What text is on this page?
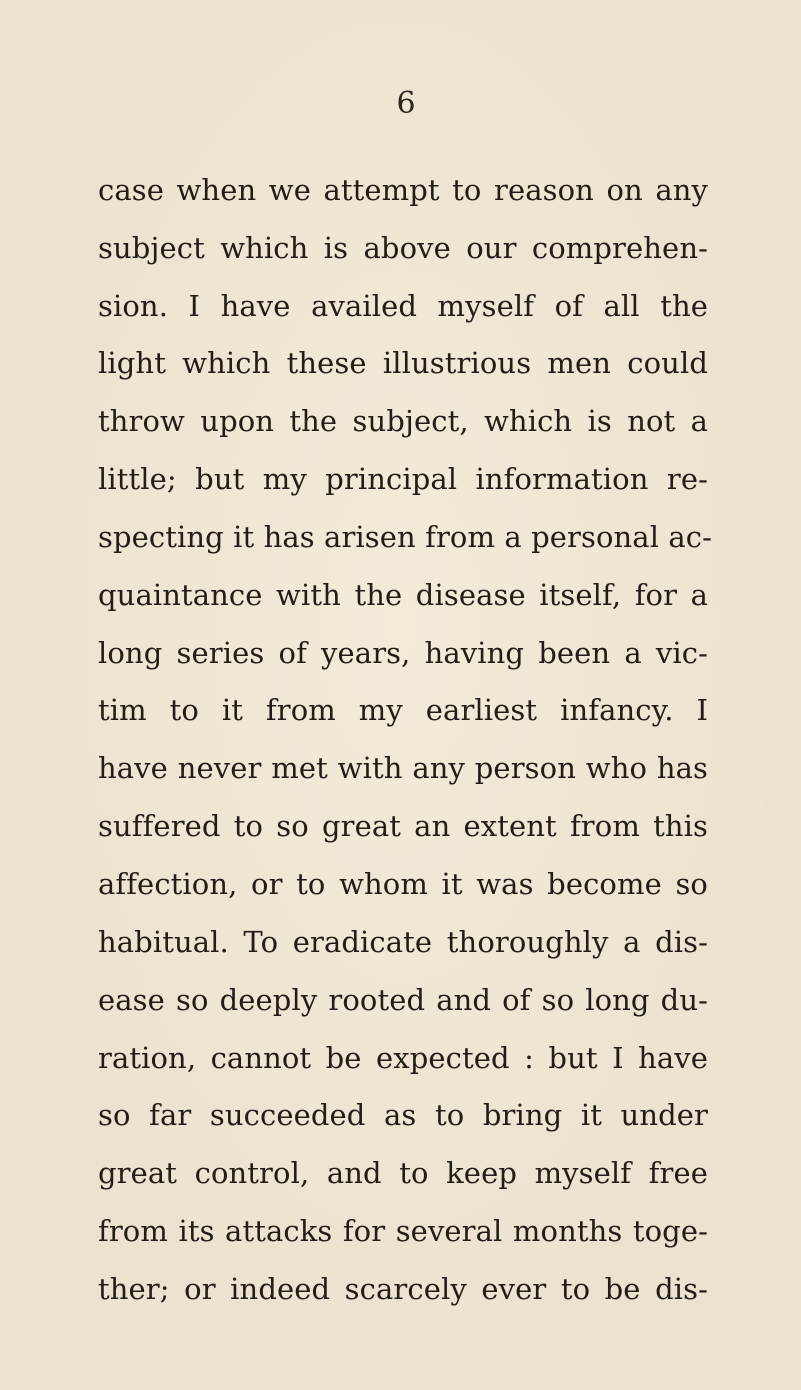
6
case when we attempt to reason on any
subject which is above our comprehen-
sion. I have availed myself of all the
light which these illustrious men could
throw upon the subject, which is not a
little; but my principal information re-
specting it has arisen from a personal ac-
quaintance with the disease itself, for a
long series of years, having been a vic-
tim to it from my earliest infancy. I
have never met with any person who has
suffered to so great an extent from this
affection, or to whom it was become so
habitual. To eradicate thoroughly a dis-
ease so deeply rooted and of so long du-
ration, cannot be expected : but I have
so far succeeded as to bring it under
great control, and to keep myself free
from its attacks for several months toge-
ther; or indeed scarcely ever to be dis-
